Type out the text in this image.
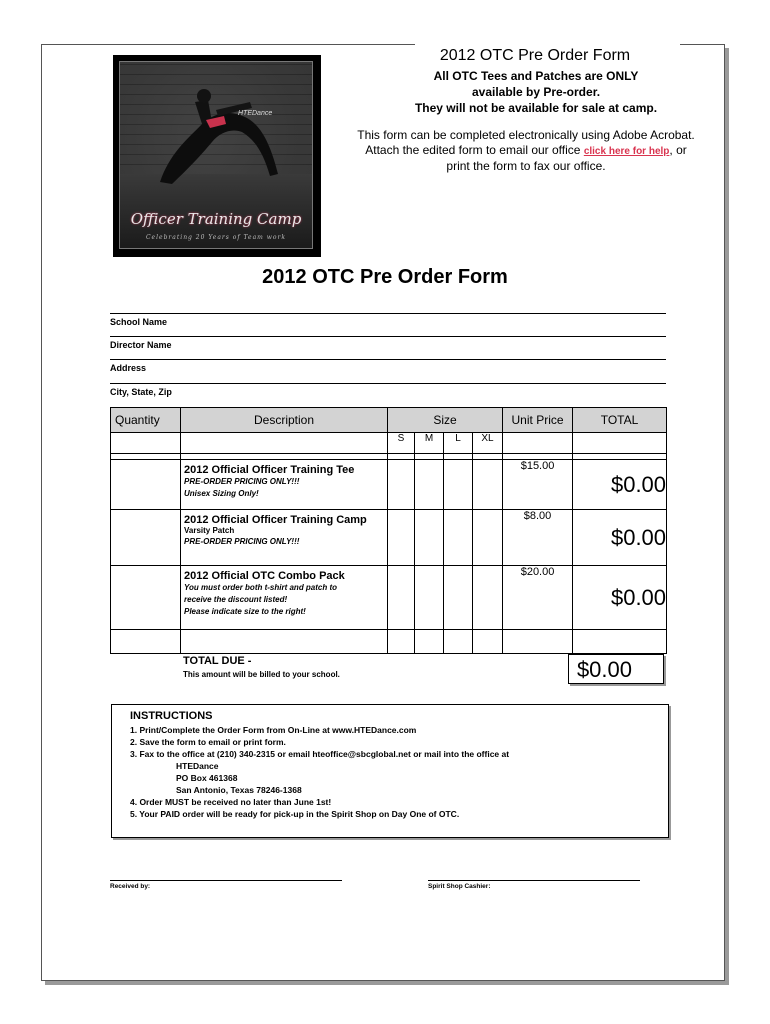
HTEDance
Officer Training Camp
Celebrating 20 Years of Team work
2012 OTC Pre Order Form
All OTC Tees and Patches are ONLY
available by Pre-order.
They will not be available for sale at camp.
This form can be completed electronically using Adobe Acrobat. Attach the edited form to email our office click here for help, or print the form to fax our office.
2012 OTC Pre Order Form
School Name
Director Name
Address
City, State, Zip
Quantity	Description	Size				Unit Price	TOTAL
		S	M	L	XL		

	2012 Official Officer Training Tee
PRE-ORDER PRICING ONLY!!!
Unisex Sizing Only!					$15.00	$0.00

	2012 Official Officer Training Camp
Varsity Patch
PRE-ORDER PRICING ONLY!!!					$8.00	$0.00

	2012 Official OTC Combo Pack
You must order both t-shirt and patch to
receive the discount listed!
Please indicate size to the right!					$20.00	$0.00

TOTAL DUE -
This amount will be billed to your school.	$0.00
INSTRUCTIONS
1. Print/Complete the Order Form from On-Line at www.HTEDance.com
2. Save the form to email or print form.
3. Fax to the office at (210) 340-2315 or email hteoffice@sbcglobal.net or mail into the office at
HTEDance
PO Box 461368
San Antonio, Texas 78246-1368
4. Order MUST be received no later than June 1st!
5. Your PAID order will be ready for pick-up in the Spirit Shop on Day One of OTC.
Received by:	Spirit Shop Cashier:
